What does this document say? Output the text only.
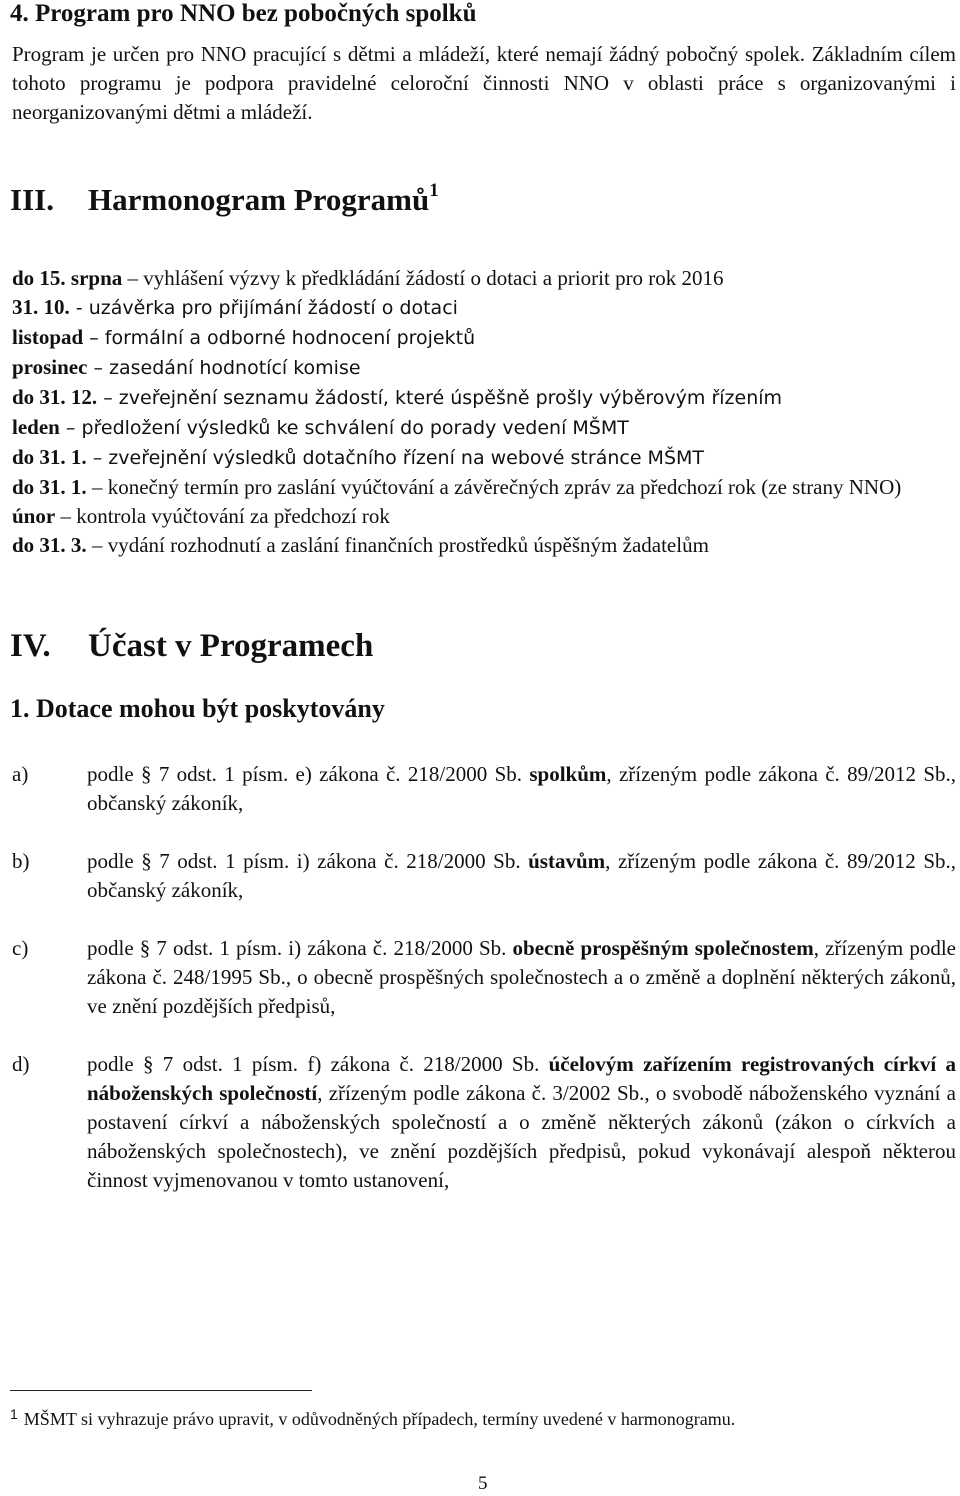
4. Program pro NNO bez pobočných spolků

Program je určen pro NNO pracující s dětmi a mládeží, které nemají žádný pobočný spolek. Základním cílem tohoto programu je podpora pravidelné celoroční činnosti NNO v oblasti práce s organizovanými i neorganizovanými dětmi a mládeží.

III. Harmonogram Programů$^1$

do 15. srpna – vyhlášení výzvy k předkládání žádostí o dotaci a priorit pro rok 2016

31. 10. - uzávěrka pro přijímání žádostí o dotaci

listopad – formální a odborné hodnocení projektů

prosinec – zasedání hodnotící komise

do 31. 12. – zveřejnění seznamu žádostí, které úspěšně prošly výběrovým řízením

leden – předložení výsledků ke schválení do porady vedení MŠMT

do 31. 1. – zveřejnění výsledků dotačního řízení na webové stránce MŠMT

do 31. 1. – konečný termín pro zaslání vyúčtování a závěrečných zpráv za předchozí rok (ze strany NNO)

únor – kontrola vyúčtování za předchozí rok

do 31. 3. – vydání rozhodnutí a zaslání finančních prostředků úspěšným žadatelům

IV. Účast v Programech
1. Dotace mohou být poskytovány
a)	podle § 7 odst. 1 písm. e) zákona č. 218/2000 Sb. spolkům, zřízeným podle zákona č. 89/2012 Sb., občanský zákoník,

b)	podle § 7 odst. 1 písm. i) zákona č. 218/2000 Sb. ústavům, zřízeným podle zákona č. 89/2012 Sb., občanský zákoník,

c)	podle § 7 odst. 1 písm. i) zákona č. 218/2000 Sb. obecně prospěšným společnostem, zřízeným podle zákona č. 248/1995 Sb., o obecně prospěšných společnostech a o změně a doplnění některých zákonů, ve znění pozdějších předpisů,

d)	podle § 7 odst. 1 písm. f) zákona č. 218/2000 Sb. účelovým zařízením registrovaných církví a náboženských společností, zřízeným podle zákona č. 3/2002 Sb., o svobodě náboženského vyznání a postavení církví a náboženských společností a o změně některých zákonů (zákon o církvích a náboženských společnostech), ve znění pozdějších předpisů, pokud vykonávají alespoň některou činnost vyjmenovanou v tomto ustanovení,

$^1$ MŠMT si vyhrazuje právo upravit, v odůvodněných případech, termíny uvedené v harmonogramu.
5
